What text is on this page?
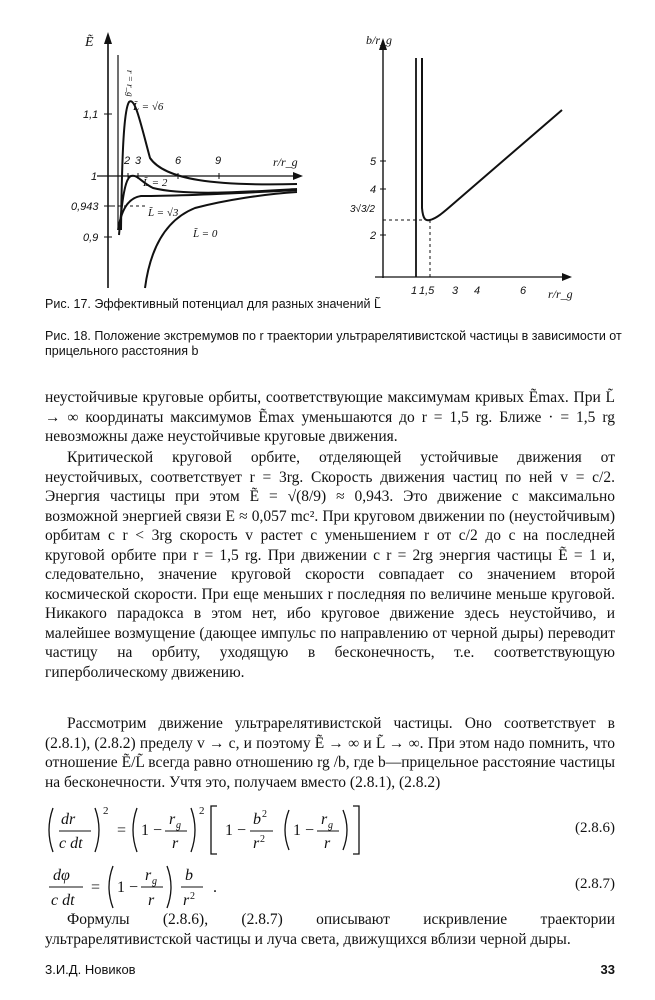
Ẽ
r = r_g
r/r_g
1,1
1
0,943
0,9
2 3	6	9
L̃ = √6
L̃ = 2
L̃ = √3
L̃ = 0
b/r_g
r/r_g
5
4
3√3/2
2
1 1,5 3 4	6
Рис. 17. Эффективный потенциал для разных значений L̃
Рис. 18. Положение экстремумов по r траектории ультрарелятивистской частицы в зависимости от прицельного расстояния b

неустойчивые круговые орбиты, соответствующие максимумам кривых Ẽmax. При L̃ → ∞ координаты максимумов Ẽmax уменьшаются до r = 1,5 rg. Ближе · = 1,5 rg невозможны даже неустойчивые круговые движения.

Критической круговой орбите, отделяющей устойчивые движения от неустойчивых, соответствует r = 3rg. Скорость движения частиц по ней v = c/2. Энергия частицы при этом Ẽ = √(8/9) ≈ 0,943. Это движение с максимально возможной энергией связи E ≈ 0,057 mc². При круговом движении по (неустойчивым) орбитам с r < 3rg скорость v растет с уменьшением r от c/2 до c на последней круговой орбите при r = 1,5 rg. При движении с r = 2rg энергия частицы Ẽ = 1 и, следовательно, значение круговой скорости совпадает со значением второй космической скорости. При еще меньших r последняя по величине меньше круговой. Никакого парадокса в этом нет, ибо круговое движение здесь неустойчиво, и малейшее возмущение (дающее импульс по направлению от черной дыры) переводит частицу на орбиту, уходящую в бесконечность, т.е. соответствующую гиперболическому движению.

Рассмотрим движение ультрарелятивистской частицы. Оно соответствует в (2.8.1), (2.8.2) пределу v → c, и поэтому Ẽ → ∞ и L̃ → ∞. При этом надо помнить, что отношение Ẽ/L̃ всегда равно отношению rg /b, где b—прицельное расстояние частицы на бесконечности. Учтя это, получаем вместо (2.8.1), (2.8.2)

dr
c dt
2
= 1 −
r g
r
2
1 −
b 2
r 2
1 −
r g
r
(2.8.6)
dφ
c dt
= 1 −
r g
r
b
r 2
.	(2.8.7)

Формулы (2.8.6), (2.8.7) описывают искривление траектории ультрарелятивистской частицы и луча света, движущихся вблизи черной дыры.

3.И.Д. Новиков	33
